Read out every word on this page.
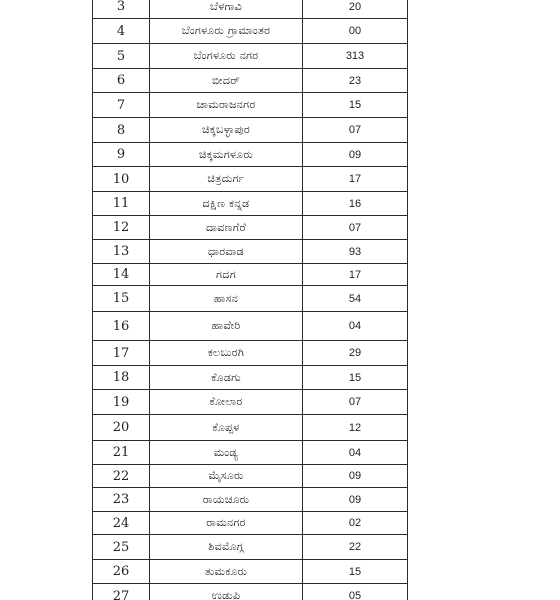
3	ಬೆಳಗಾವಿ	20
4	ಬೆಂಗಳೂರು ಗ್ರಾಮಾಂತರ	00
5	ಬೆಂಗಳೂರು ನಗರ	313
6	ಬೀದರ್	23
7	ಚಾಮರಾಜನಗರ	15
8	ಚಿಕ್ಕಬಳ್ಳಾಪುರ	07
9	ಚಿಕ್ಕಮಗಳೂರು	09
10	ಚಿತ್ರದುರ್ಗ	17
11	ದಕ್ಷಿಣ ಕನ್ನಡ	16
12	ದಾವಣಗೆರೆ	07
13	ಧಾರವಾಡ	93
14	ಗದಗ	17
15	ಹಾಸನ	54
16	ಹಾವೇರಿ	04
17	ಕಲಬುರಗಿ	29
18	ಕೊಡಗು	15
19	ಕೋಲಾರ	07
20	ಕೊಪ್ಪಳ	12
21	ಮಂಡ್ಯ	04
22	ಮೈಸೂರು	09
23	ರಾಯಚೂರು	09
24	ರಾಮನಗರ	02
25	ಶಿವಮೊಗ್ಗ	22
26	ತುಮಕೂರು	15
27	ಉಡುಪಿ	05
